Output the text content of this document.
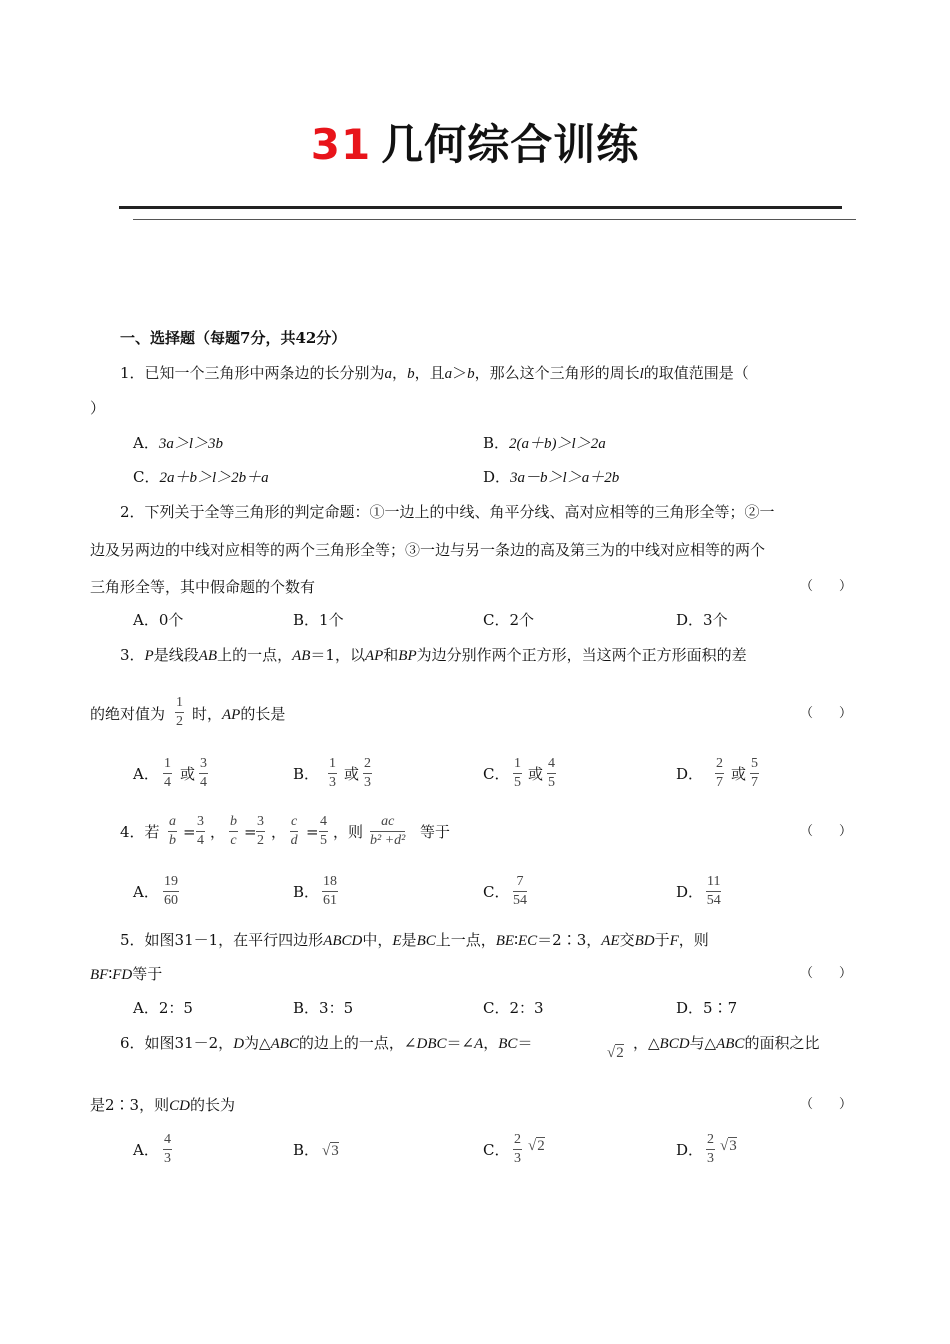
31 几何综合训练
一、选择题（每题7分，共42分）
1．已知一个三角形中两条边的长分别为a，b，且a＞b，那么这个三角形的周长l的取值范围是（
）
A．3a＞l＞3b	B．2(a＋b)＞l＞2a
C．2a＋b＞l＞2b＋a	D．3a－b＞l＞a＋2b
2．下列关于全等三角形的判定命题：①一边上的中线、角平分线、高对应相等的三角形全等；②一
边及另两边的中线对应相等的两个三角形全等；③一边与另一条边的高及第三为的中线对应相等的两个
三角形全等，其中假命题的个数有	（　　）
A．0个	B．1个	C．2个	D．3个
3．P是线段AB上的一点，AB＝1，以AP和BP为边分别作两个正方形，当这两个正方形面积的差
的绝对值为 $\frac{1}{2}$ 时，AP的长是	（　　）
A． $\frac{1}{4}$ 或 $\frac{3}{4}$	B． $\frac{1}{3}$ 或 $\frac{2}{3}$	C． $\frac{1}{5}$ 或 $\frac{4}{5}$	D． $\frac{2}{7}$ 或 $\frac{5}{7}$
4．若 $\frac{a}{b} = \frac{3}{4}$ ， $\frac{b}{c} = \frac{3}{2}$ ， $\frac{c}{d} = \frac{4}{5}$ ，则 $\frac{ac}{\text{b² +d²}}$ 等于	（　　）
A． $\frac{19}{60}$	B． $\frac{18}{61}$	C． $\frac{7}{54}$	D． $\frac{11}{54}$
5．如图31－1，在平行四边形ABCD中，E是BC上一点，BE∶EC＝2∶3，AE交BD于F，则
BF∶FD等于	（　　）
A．2：5	B．3：5	C．2：3	D．5∶7
6．如图31－2，D为△ABC的边上的一点，∠DBC＝∠A，BC＝
√2
，△BCD与△ABC的面积之比
是2∶3，则CD的长为	（　　）
A． $\frac{4}{3}$	B． √3	C． $\frac{2}{3} √2$	D． $\frac{2}{3} √3$
